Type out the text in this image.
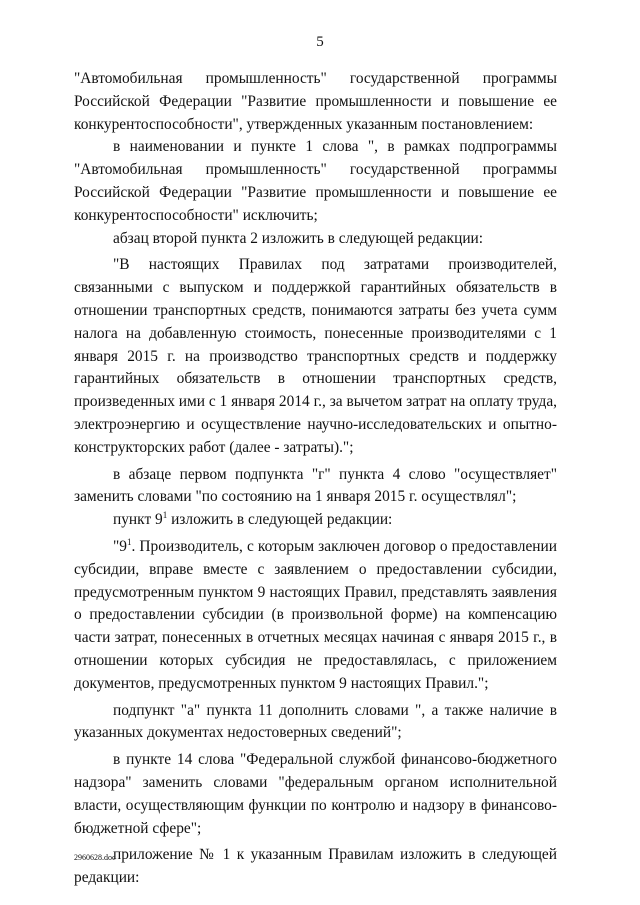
5

"Автомобильная промышленность" государственной программы Российской Федерации "Развитие промышленности и повышение ее конкурентоспособности", утвержденных указанным постановлением:

в наименовании и пункте 1 слова ", в рамках подпрограммы "Автомобильная промышленность" государственной программы Российской Федерации "Развитие промышленности и повышение ее конкурентоспособности" исключить;

абзац второй пункта 2 изложить в следующей редакции:

"В настоящих Правилах под затратами производителей, связанными с выпуском и поддержкой гарантийных обязательств в отношении транспортных средств, понимаются затраты без учета сумм налога на добавленную стоимость, понесенные производителями с 1 января 2015 г. на производство транспортных средств и поддержку гарантийных обязательств в отношении транспортных средств, произведенных ими с 1 января 2014 г., за вычетом затрат на оплату труда, электроэнергию и осуществление научно-исследовательских и опытно-конструкторских работ (далее - затраты).";

в абзаце первом подпункта "г" пункта 4 слово "осуществляет" заменить словами "по состоянию на 1 января 2015 г. осуществлял";

пункт $9^1$ изложить в следующей редакции:

"$9^1$. Производитель, с которым заключен договор о предоставлении субсидии, вправе вместе с заявлением о предоставлении субсидии, предусмотренным пунктом 9 настоящих Правил, представлять заявления о предоставлении субсидии (в произвольной форме) на компенсацию части затрат, понесенных в отчетных месяцах начиная с января 2015 г., в отношении которых субсидия не предоставлялась, с приложением документов, предусмотренных пунктом 9 настоящих Правил.";

подпункт "а" пункта 11 дополнить словами ", а также наличие в указанных документах недостоверных сведений";

в пункте 14 слова "Федеральной службой финансово-бюджетного надзора" заменить словами "федеральным органом исполнительной власти, осуществляющим функции по контролю и надзору в финансово-бюджетной сфере";

приложение № 1 к указанным Правилам изложить в следующей редакции:

2960628.doc
